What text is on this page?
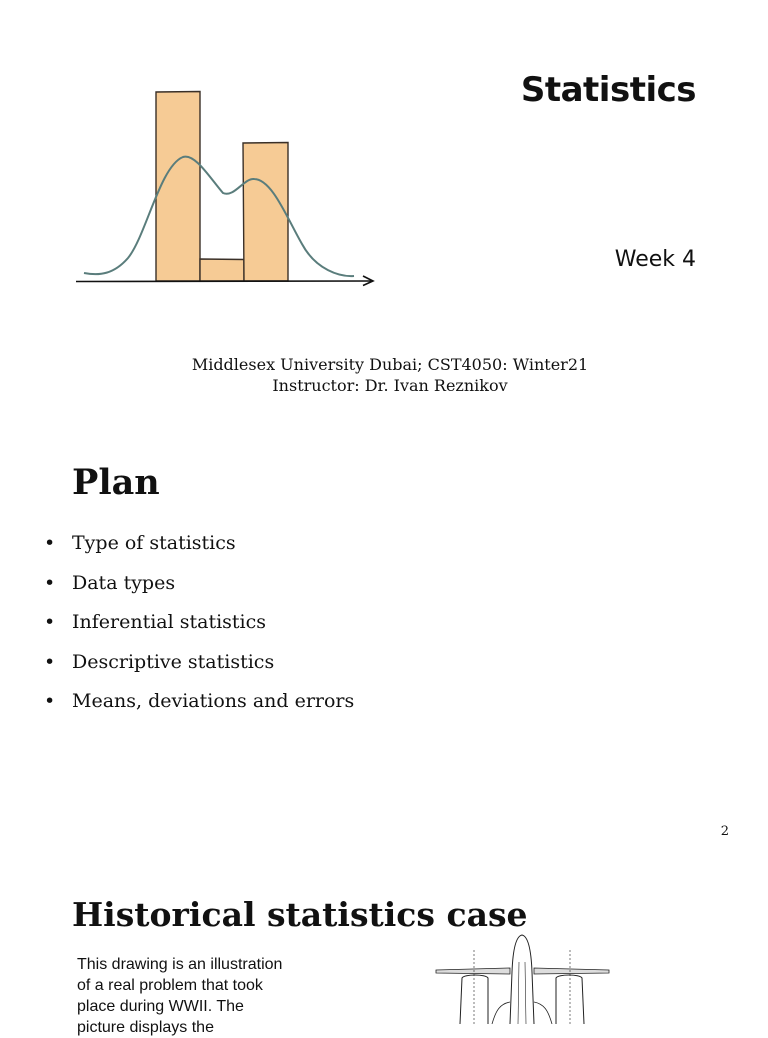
Statistics
Week 4
Middlesex University Dubai; CST4050: Winter21
Instructor: Dr. Ivan Reznikov
Plan
• Type of statistics
• Data types
• Inferential statistics
• Descriptive statistics
• Means, deviations and errors
2
Historical statistics case
This drawing is an illustration
of a real problem that took
place during WWII. The
picture displays the
